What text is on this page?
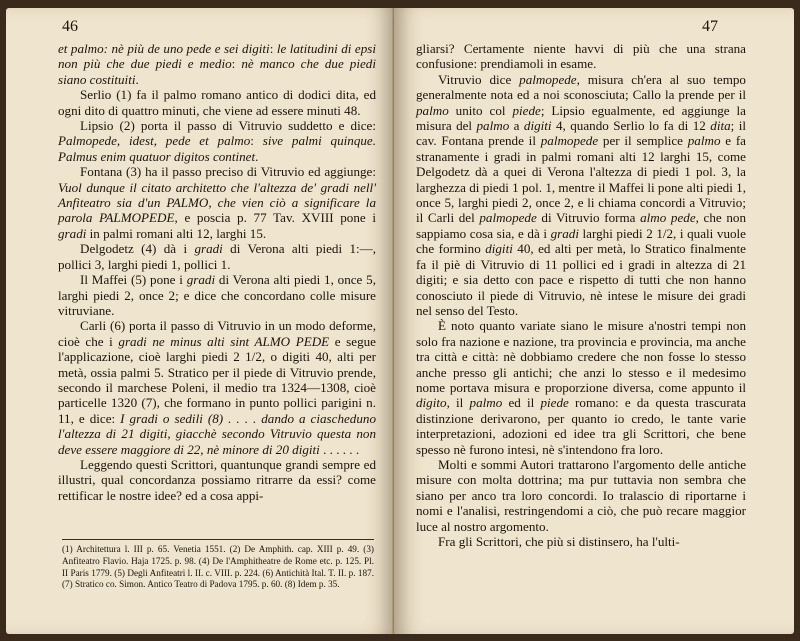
46

et palmo: nè più de uno pede e sei digiti: le latitudini di epsi non più che due piedi e medio: nè manco che due piedi siano costituiti.

Serlio (1) fa il palmo romano antico di dodici dita, ed ogni dito di quattro minuti, che viene ad essere minuti 48.

Lipsio (2) porta il passo di Vitruvio suddetto e dice: Palmopede, idest, pede et palmo: sive palmi quinque. Palmus enim quatuor digitos continet.

Fontana (3) ha il passo preciso di Vitruvio ed aggiunge: Vuol dunque il citato architetto che l'altezza de' gradi nell' Anfiteatro sia d'un PALMO, che vien ciò a significare la parola PALMOPEDE, e poscia p. 77 Tav. XVIII pone i gradi in palmi romani alti 12, larghi 15.

Delgodetz (4) dà i gradi di Verona alti piedi 1:—, pollici 3, larghi piedi 1, pollici 1.

Il Maffei (5) pone i gradi di Verona alti piedi 1, once 5, larghi piedi 2, once 2; e dice che concordano colle misure vitruviane.

Carli (6) porta il passo di Vitruvio in un modo deforme, cioè che i gradi ne minus alti sint ALMO PEDE e segue l'applicazione, cioè larghi piedi 2 1/2, o digiti 40, alti per metà, ossia palmi 5. Stratico per il piede di Vitruvio prende, secondo il marchese Poleni, il medio tra 1324—1308, cioè particelle 1320 (7), che formano in punto pollici parigini n. 11, e dice: I gradi o sedili (8) . . . . dando a ciascheduno l'altezza di 21 digiti, giacchè secondo Vitruvio questa non deve essere maggiore di 22, nè minore di 20 digiti . . . . . .

Leggendo questi Scrittori, quantunque grandi sempre ed illustri, qual concordanza possiamo ritrarre da essi? come rettificar le nostre idee? ed a cosa appi-

(1) Architettura l. III p. 65. Venetia 1551. (2) De Amphith. cap. XIII p. 49. (3) Anfiteatro Flavio. Haja 1725. p. 98. (4) De l'Amphitheatre de Rome etc. p. 125. Pl. II Paris 1779. (5) Degli Anfiteatri l. II. c. VIII. p. 224. (6) Antichità Ital. T. II. p. 187. (7) Stratico co. Simon. Antico Teatro di Padova 1795. p. 60. (8) Idem p. 35.
47

gliarsi? Certamente niente havvi di più che una strana confusione: prendiamoli in esame.

Vitruvio dice palmopede, misura ch'era al suo tempo generalmente nota ed a noi sconosciuta; Callo la prende per il palmo unito col piede; Lipsio egualmente, ed aggiunge la misura del palmo a digiti 4, quando Serlio lo fa di 12 dita; il cav. Fontana prende il palmopede per il semplice palmo e fa stranamente i gradi in palmi romani alti 12 larghi 15, come Delgodetz dà a quei di Verona l'altezza di piedi 1 pol. 3, la larghezza di piedi 1 pol. 1, mentre il Maffei li pone alti piedi 1, once 5, larghi piedi 2, once 2, e li chiama concordi a Vitruvio; il Carli del palmopede di Vitruvio forma almo pede, che non sappiamo cosa sia, e dà i gradi larghi piedi 2 1/2, i quali vuole che formino digiti 40, ed alti per metà, lo Stratico finalmente fa il piè di Vitruvio di 11 pollici ed i gradi in altezza di 21 digiti; e sia detto con pace e rispetto di tutti che non hanno conosciuto il piede di Vitruvio, nè intese le misure dei gradi nel senso del Testo.

È noto quanto variate siano le misure a'nostri tempi non solo fra nazione e nazione, tra provincia e provincia, ma anche tra città e città: nè dobbiamo credere che non fosse lo stesso anche presso gli antichi; che anzi lo stesso e il medesimo nome portava misura e proporzione diversa, come appunto il digito, il palmo ed il piede romano: e da questa trascurata distinzione derivarono, per quanto io credo, le tante varie interpretazioni, adozioni ed idee tra gli Scrittori, che bene spesso nè furono intesi, nè s'intendono fra loro.

Molti e sommi Autori trattarono l'argomento delle antiche misure con molta dottrina; ma pur tuttavia non sembra che siano per anco tra loro concordi. Io tralascio di riportarne i nomi e l'analisi, restringendomi a ciò, che può recare maggior luce al nostro argomento.

Fra gli Scrittori, che più si distinsero, ha l'ulti-
